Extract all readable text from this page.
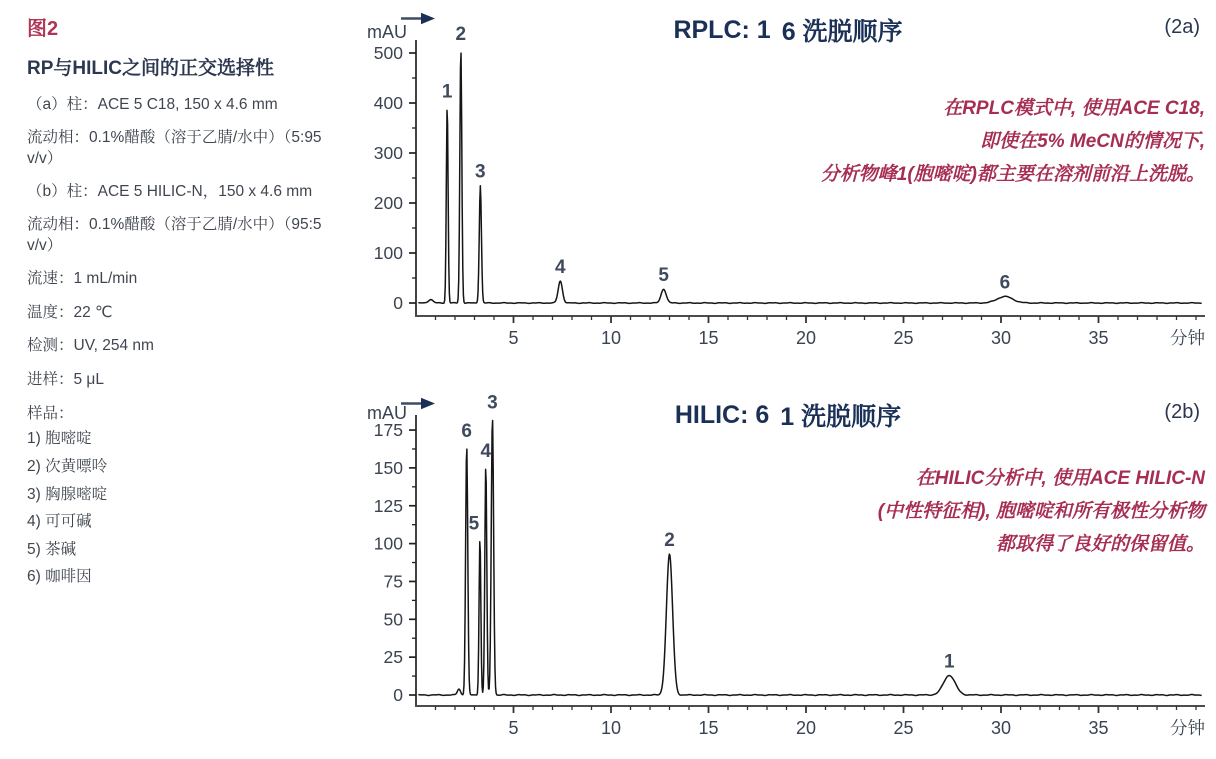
图2
RP与HILIC之间的正交选择性
（a）柱：ACE 5 C18, 150 x 4.6 mm
流动相：0.1%醋酸（溶于乙腈/水中）（5:95 v/v）
（b）柱：ACE 5 HILIC-N，150 x 4.6 mm
流动相：0.1%醋酸（溶于乙腈/水中）（95:5 v/v）
流速：1 mL/min
温度：22 ℃
检测：UV, 254 nm
进样：5 μL
样品：
1) 胞嘧啶
2) 次黄嘌呤
3) 胸腺嘧啶
4) 可可碱
5) 茶碱
6) 咖啡因
RPLC: 1 6 洗脱顺序	(2a)
在RPLC模式中, 使用ACE C18,
即使在5% MeCN的情况下,
分析物峰1(胞嘧啶)都主要在溶剂前沿上洗脱。
0
100
200
300
400
500
5	10	15	20	25	30	35	分钟
mAU
1
2
3
4	5	6
HILIC: 6 1 洗脱顺序	(2b)
在HILIC分析中, 使用ACE HILIC-N
(中性特征相), 胞嘧啶和所有极性分析物
都取得了良好的保留值。
0
25
50
75
100
125
150
175
5	10	15	20	25	30	35	分钟
mAU
6
5
4
3
2
1
